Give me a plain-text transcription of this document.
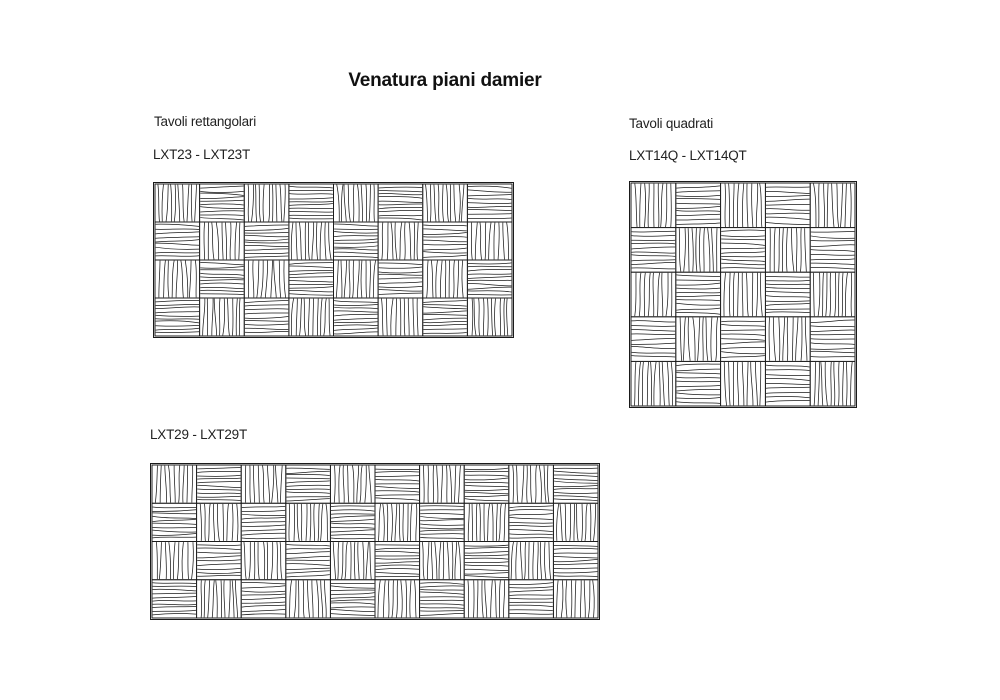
Venatura piani damier
Tavoli rettangolari
LXT23 - LXT23T
Tavoli quadrati
LXT14Q - LXT14QT
LXT29 - LXT29T
